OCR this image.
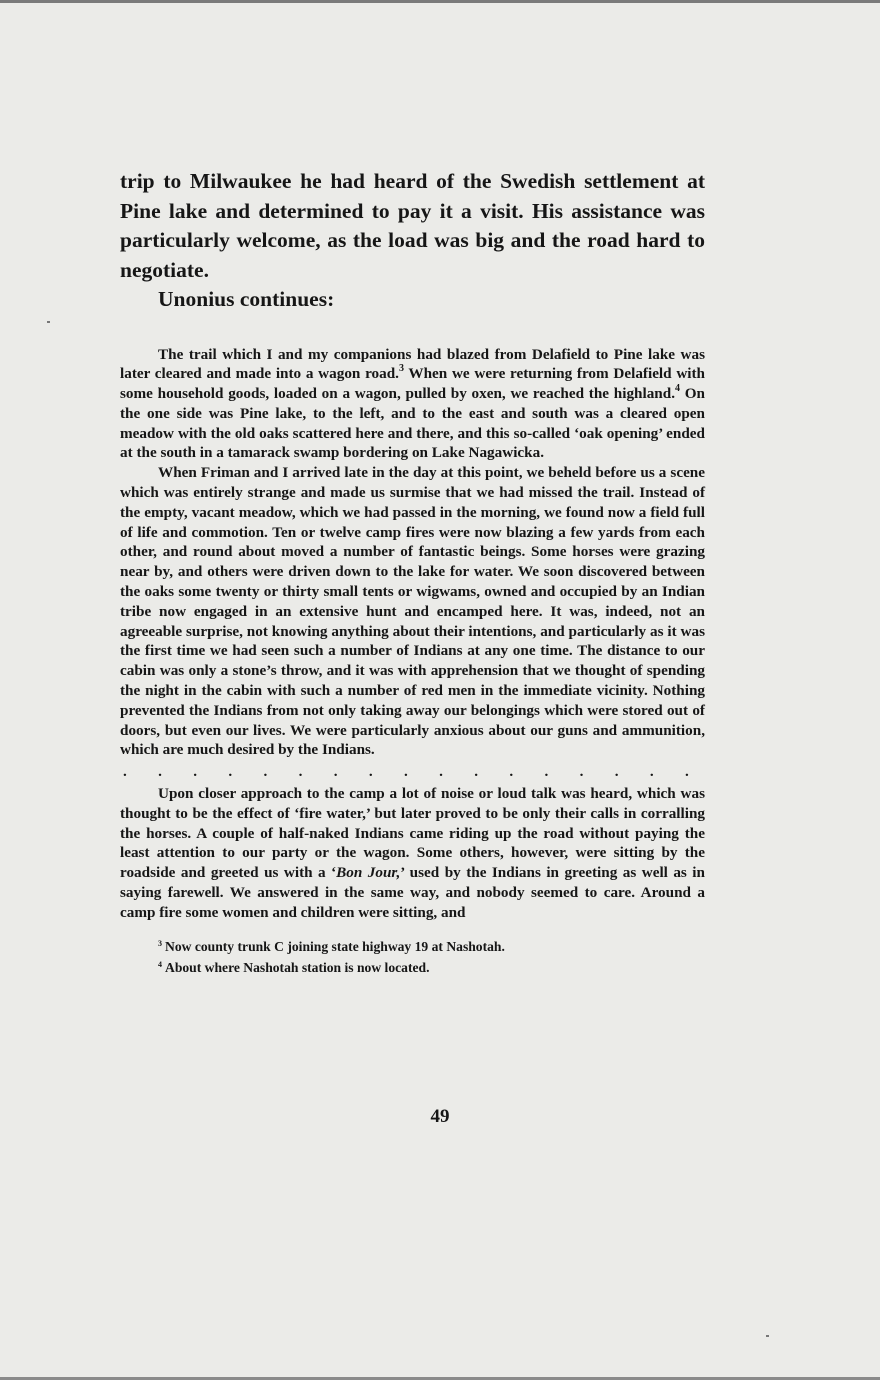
trip to Milwaukee he had heard of the Swedish settlement at Pine lake and determined to pay it a visit. His assistance was particularly welcome, as the load was big and the road hard to negotiate.

Unonius continues:

The trail which I and my companions had blazed from Delafield to Pine lake was later cleared and made into a wagon road.$^3$ When we were returning from Delafield with some household goods, loaded on a wagon, pulled by oxen, we reached the highland.$^4$ On the one side was Pine lake, to the left, and to the east and south was a cleared open meadow with the old oaks scattered here and there, and this so-called ‘oak opening’ ended at the south in a tamarack swamp bordering on Lake Nagawicka.

When Friman and I arrived late in the day at this point, we beheld before us a scene which was entirely strange and made us surmise that we had missed the trail. Instead of the empty, vacant meadow, which we had passed in the morning, we found now a field full of life and commotion. Ten or twelve camp fires were now blazing a few yards from each other, and round about moved a number of fantastic beings. Some horses were grazing near by, and others were driven down to the lake for water. We soon discovered between the oaks some twenty or thirty small tents or wigwams, owned and occupied by an Indian tribe now engaged in an extensive hunt and encamped here. It was, indeed, not an agreeable surprise, not knowing anything about their intentions, and particularly as it was the first time we had seen such a number of Indians at any one time. The distance to our cabin was only a stone’s throw, and it was with apprehension that we thought of spending the night in the cabin with such a number of red men in the immediate vicinity. Nothing prevented the Indians from not only taking away our belongings which were stored out of doors, but even our lives. We were particularly anxious about our guns and ammunition, which are much desired by the Indians.

. . . . . . . . . . . . . . . . .

Upon closer approach to the camp a lot of noise or loud talk was heard, which was thought to be the effect of ‘fire water,’ but later proved to be only their calls in corralling the horses. A couple of half-naked Indians came riding up the road without paying the least attention to our party or the wagon. Some others, however, were sitting by the roadside and greeted us with a ‘Bon Jour,’ used by the Indians in greeting as well as in saying farewell. We answered in the same way, and nobody seemed to care. Around a camp fire some women and children were sitting, and

$^3$ Now county trunk C joining state highway 19 at Nashotah.
$^4$ About where Nashotah station is now located.
49
